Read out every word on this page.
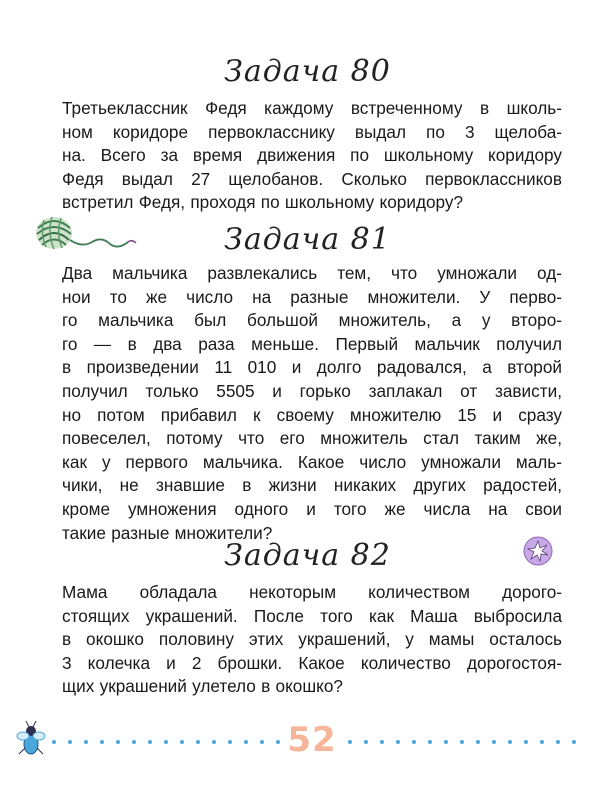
Задача 80
Третьеклассник Федя каждому встреченному в школь-
ном коридоре первокласснику выдал по 3 щелоба-
на. Всего за время движения по школьному коридору
Федя выдал 27 щелобанов. Сколько первоклассников
встретил Федя, проходя по школьному коридору?
Задача 81
Два мальчика развлекались тем, что умножали од-
нои то же число на разные множители. У перво-
го мальчика был большой множитель, а у второ-
го — в два раза меньше. Первый мальчик получил
в произведении 11 010 и долго радовался, а второй
получил только 5505 и горько заплакал от зависти,
но потом прибавил к своему множителю 15 и сразу
повеселел, потому что его множитель стал таким же,
как у первого мальчика. Какое число умножали маль-
чики, не знавшие в жизни никаких других радостей,
кроме умножения одного и того же числа на свои
такие разные множители?
Задача 82
Мама обладала некоторым количеством дорого-
стоящих украшений. После того как Маша выбросила
в окошко половину этих украшений, у мамы осталось
3 колечка и 2 брошки. Какое количество дорогостоя-
щих украшений улетело в окошко?
52
